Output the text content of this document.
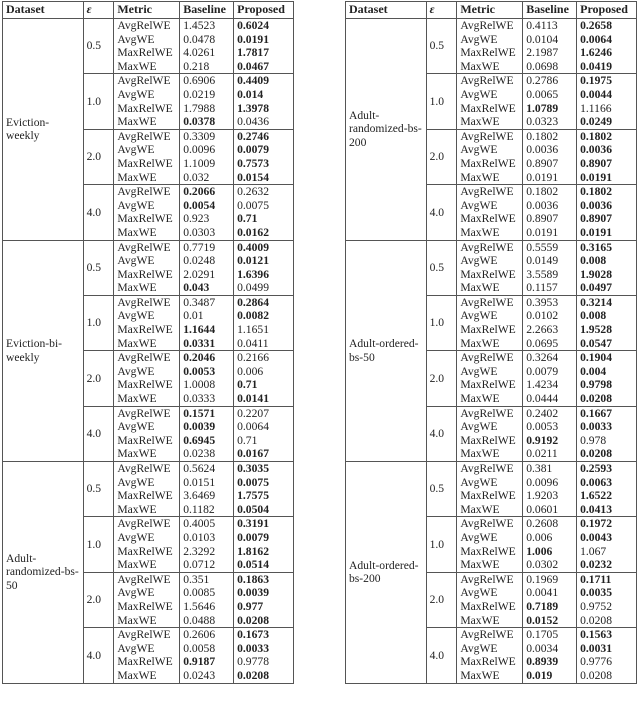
Dataset	ε	Metric	Baseline	Proposed
Eviction-weekly	0.5	AvgRelWE	1.4523	0.6024
		AvgWE	0.0478	0.0191
		MaxRelWE	4.0261	1.7817
		MaxWE	0.218	0.0467
	1.0	AvgRelWE	0.6906	0.4409
		AvgWE	0.0219	0.014
		MaxRelWE	1.7988	1.3978
		MaxWE	0.0378	0.0436
	2.0	AvgRelWE	0.3309	0.2746
		AvgWE	0.0096	0.0079
		MaxRelWE	1.1009	0.7573
		MaxWE	0.032	0.0154
	4.0	AvgRelWE	0.2066	0.2632
		AvgWE	0.0054	0.0075
		MaxRelWE	0.923	0.71
		MaxWE	0.0303	0.0162
Eviction-bi-weekly	0.5	AvgRelWE	0.7719	0.4009
		AvgWE	0.0248	0.0121
		MaxRelWE	2.0291	1.6396
		MaxWE	0.043	0.0499
	1.0	AvgRelWE	0.3487	0.2864
		AvgWE	0.01	0.0082
		MaxRelWE	1.1644	1.1651
		MaxWE	0.0331	0.0411
	2.0	AvgRelWE	0.2046	0.2166
		AvgWE	0.0053	0.006
		MaxRelWE	1.0008	0.71
		MaxWE	0.0333	0.0141
	4.0	AvgRelWE	0.1571	0.2207
		AvgWE	0.0039	0.0064
		MaxRelWE	0.6945	0.71
		MaxWE	0.0238	0.0167
Adult-randomized-bs-50	0.5	AvgRelWE	0.5624	0.3035
		AvgWE	0.0151	0.0075
		MaxRelWE	3.6469	1.7575
		MaxWE	0.1182	0.0504
	1.0	AvgRelWE	0.4005	0.3191
		AvgWE	0.0103	0.0079
		MaxRelWE	2.3292	1.8162
		MaxWE	0.0712	0.0514
	2.0	AvgRelWE	0.351	0.1863
		AvgWE	0.0085	0.0039
		MaxRelWE	1.5646	0.977
		MaxWE	0.0488	0.0208
	4.0	AvgRelWE	0.2606	0.1673
		AvgWE	0.0058	0.0033
		MaxRelWE	0.9187	0.9778
		MaxWE	0.0243	0.0208
Dataset	ε	Metric	Baseline	Proposed
Adult-randomized-bs-200	0.5	AvgRelWE	0.4113	0.2658
		AvgWE	0.0104	0.0064
		MaxRelWE	2.1987	1.6246
		MaxWE	0.0698	0.0419
	1.0	AvgRelWE	0.2786	0.1975
		AvgWE	0.0065	0.0044
		MaxRelWE	1.0789	1.1166
		MaxWE	0.0323	0.0249
	2.0	AvgRelWE	0.1802	0.1802
		AvgWE	0.0036	0.0036
		MaxRelWE	0.8907	0.8907
		MaxWE	0.0191	0.0191
	4.0	AvgRelWE	0.1802	0.1802
		AvgWE	0.0036	0.0036
		MaxRelWE	0.8907	0.8907
		MaxWE	0.0191	0.0191
Adult-ordered-bs-50	0.5	AvgRelWE	0.5559	0.3165
		AvgWE	0.0149	0.008
		MaxRelWE	3.5589	1.9028
		MaxWE	0.1157	0.0497
	1.0	AvgRelWE	0.3953	0.3214
		AvgWE	0.0102	0.008
		MaxRelWE	2.2663	1.9528
		MaxWE	0.0695	0.0547
	2.0	AvgRelWE	0.3264	0.1904
		AvgWE	0.0079	0.004
		MaxRelWE	1.4234	0.9798
		MaxWE	0.0444	0.0208
	4.0	AvgRelWE	0.2402	0.1667
		AvgWE	0.0053	0.0033
		MaxRelWE	0.9192	0.978
		MaxWE	0.0211	0.0208
Adult-ordered-bs-200	0.5	AvgRelWE	0.381	0.2593
		AvgWE	0.0096	0.0063
		MaxRelWE	1.9203	1.6522
		MaxWE	0.0601	0.0413
	1.0	AvgRelWE	0.2608	0.1972
		AvgWE	0.006	0.0043
		MaxRelWE	1.006	1.067
		MaxWE	0.0302	0.0232
	2.0	AvgRelWE	0.1969	0.1711
		AvgWE	0.0041	0.0035
		MaxRelWE	0.7189	0.9752
		MaxWE	0.0152	0.0208
	4.0	AvgRelWE	0.1705	0.1563
		AvgWE	0.0034	0.0031
		MaxRelWE	0.8939	0.9776
		MaxWE	0.019	0.0208
